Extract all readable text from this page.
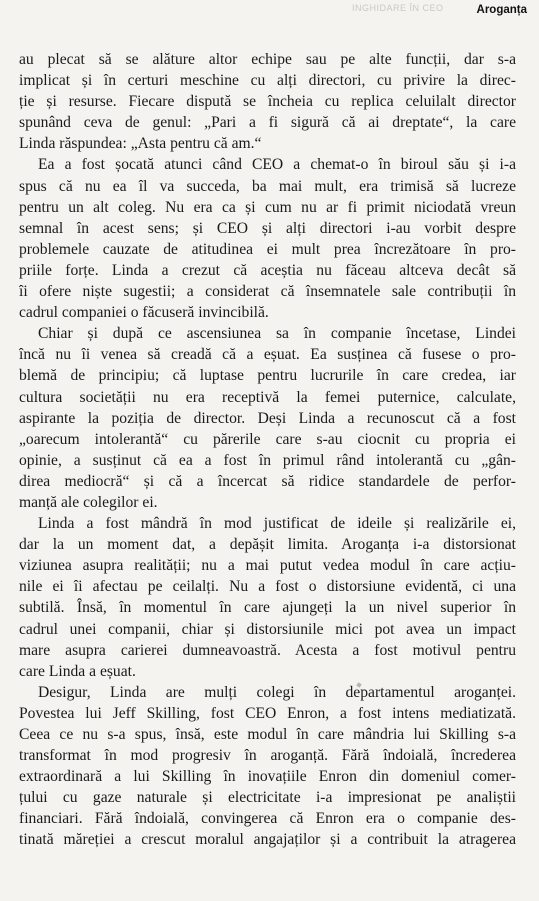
INGHIDARE ÎN CEO	Aroganța
au plecat să se alăture altor echipe sau pe alte funcții, dar s-a
implicat și în certuri meschine cu alți directori, cu privire la direc-
ție și resurse. Fiecare dispută se încheia cu replica celuilalt director
spunând ceva de genul: „Pari a fi sigură că ai dreptate“, la care
Linda răspundea: „Asta pentru că am.“
Ea a fost șocată atunci când CEO a chemat-o în biroul său și i-a
spus că nu ea îl va succeda, ba mai mult, era trimisă să lucreze
pentru un alt coleg. Nu era ca și cum nu ar fi primit niciodată vreun
semnal în acest sens; și CEO și alți directori i-au vorbit despre
problemele cauzate de atitudinea ei mult prea încrezătoare în pro-
priile forțe. Linda a crezut că aceștia nu făceau altceva decât să
îi ofere niște sugestii; a considerat că însemnatele sale contribuții în
cadrul companiei o făcuseră invincibilă.
Chiar și după ce ascensiunea sa în companie încetase, Lindei
încă nu îi venea să creadă că a eșuat. Ea susținea că fusese o pro-
blemă de principiu; că luptase pentru lucrurile în care credea, iar
cultura societății nu era receptivă la femei puternice, calculate,
aspirante la poziția de director. Deși Linda a recunoscut că a fost
„oarecum intolerantă“ cu părerile care s-au ciocnit cu propria ei
opinie, a susținut că ea a fost în primul rând intolerantă cu „gân-
direa mediocră“ și că a încercat să ridice standardele de perfor-
manță ale colegilor ei.
Linda a fost mândră în mod justificat de ideile și realizările ei,
dar la un moment dat, a depășit limita. Aroganța i-a distorsionat
viziunea asupra realității; nu a mai putut vedea modul în care acțiu-
nile ei îi afectau pe ceilalți. Nu a fost o distorsiune evidentă, ci una
subtilă. Însă, în momentul în care ajungeți la un nivel superior în
cadrul unei companii, chiar și distorsiunile mici pot avea un impact
mare asupra carierei dumneavoastră. Acesta a fost motivul pentru
care Linda a eșuat.
Desigur, Linda are mulți colegi în departamentul aroganței.
Povestea lui Jeff Skilling, fost CEO Enron, a fost intens mediatizată.
Ceea ce nu s-a spus, însă, este modul în care mândria lui Skilling s-a
transformat în mod progresiv în aroganță. Fără îndoială, încrederea
extraordinară a lui Skilling în inovațiile Enron din domeniul comer-
țului cu gaze naturale și electricitate i-a impresionat pe analiștii
financiari. Fără îndoială, convingerea că Enron era o companie des-
tinată măreției a crescut moralul angajaților și a contribuit la atragerea
